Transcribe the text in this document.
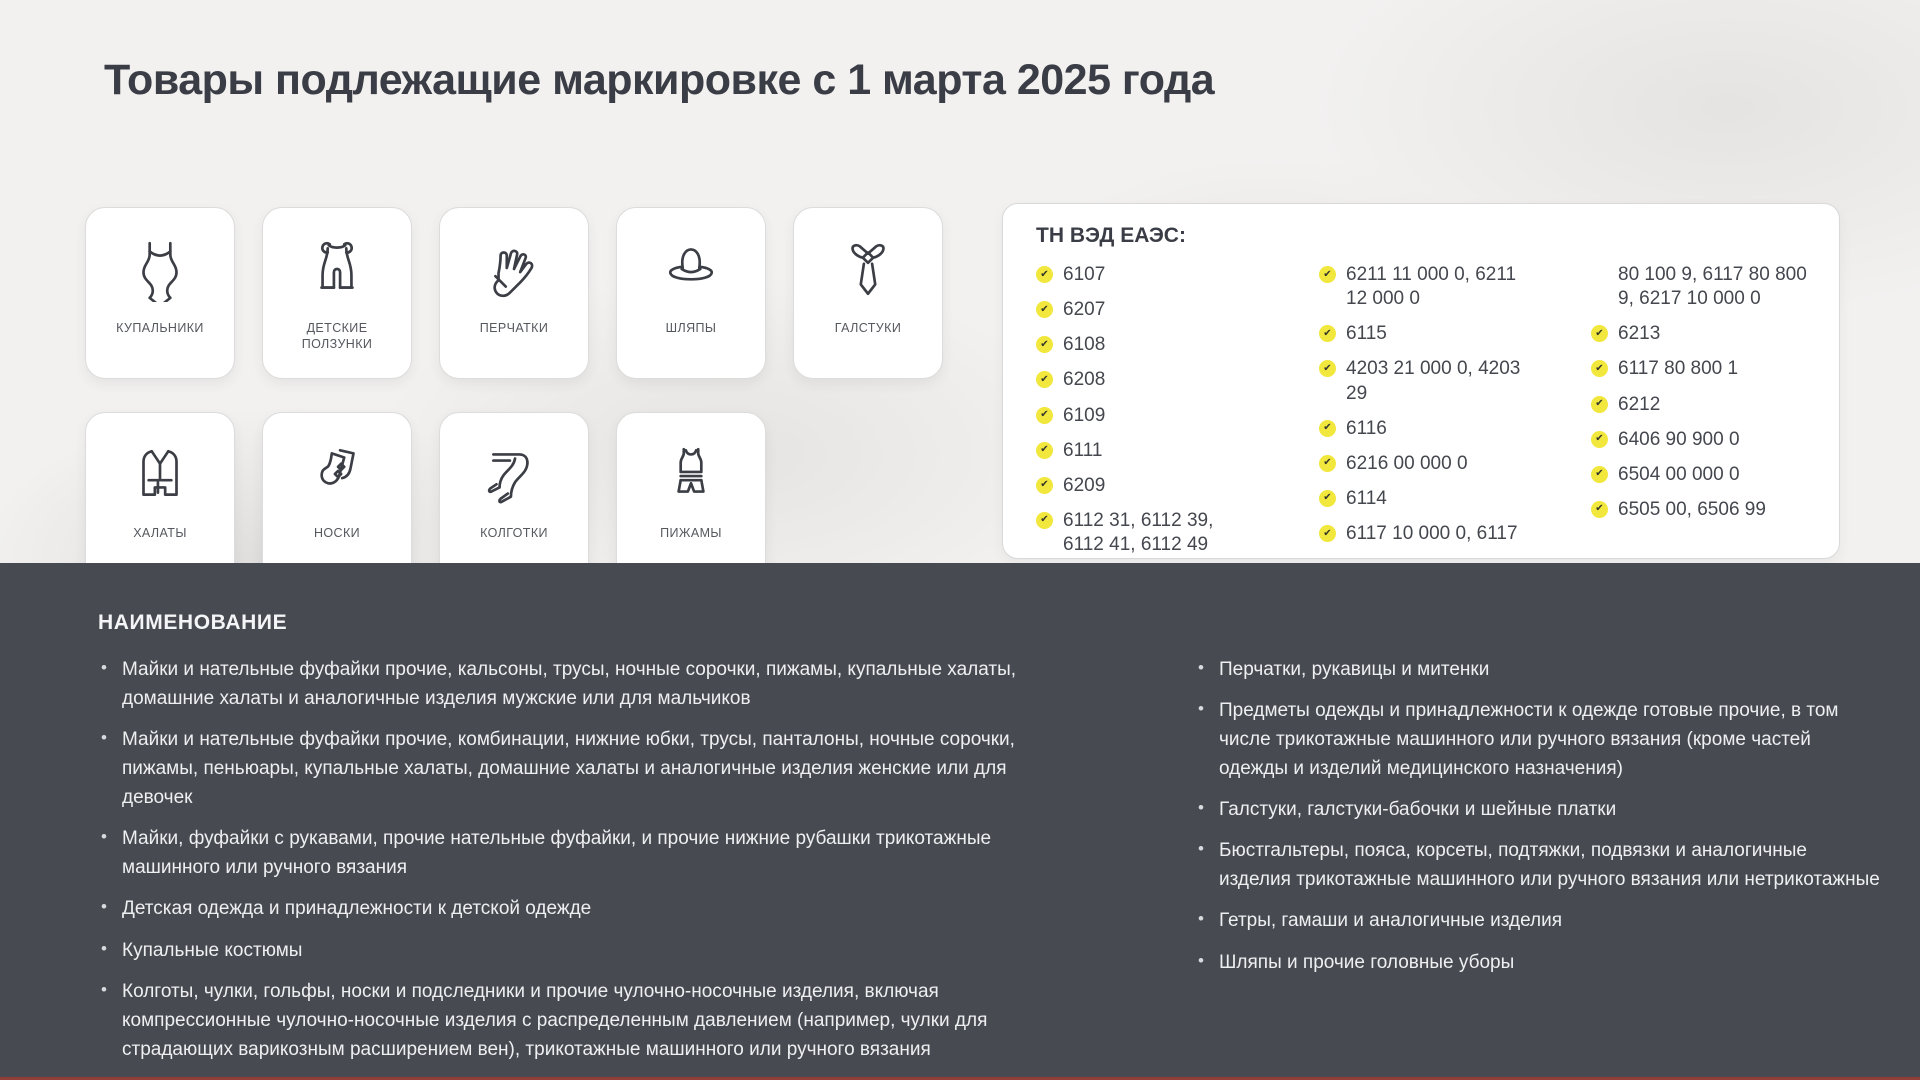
Товары подлежащие маркировке с 1 марта 2025 года
КУПАЛЬНИКИ	ДЕТСКИЕ ПОЛЗУНКИ
ПЕРЧАТКИ	ШЛЯПЫ	ГАЛСТУКИ
ХАЛАТЫ	НОСКИ	КОЛГОТКИ	ПИЖАМЫ
ТН ВЭД ЕАЭС:
✔
6107
✔
6207
✔
6108
✔
6208
✔
6109
✔
6111
✔
6209
✔
6112 31, 6112 39, 6112 41, 6112 49
✔
6211 11 000 0, 6211 12 000 0
✔
6115
✔
4203 21 000 0, 4203 29
✔
6116
✔
6216 00 000 0
✔
6114
✔
6117 10 000 0, 6117
80 100 9, 6117 80 800 9, 6217 10 000 0
✔
6213
✔
6117 80 800 1
✔
6212
✔
6406 90 900 0
✔
6504 00 000 0
✔
6505 00, 6506 99
НАИМЕНОВАНИЕ
• Майки и нательные фуфайки прочие, кальсоны, трусы, ночные сорочки, пижамы, купальные халаты, домашние халаты и аналогичные изделия мужские или для мальчиков
• Майки и нательные фуфайки прочие, комбинации, нижние юбки, трусы, панталоны, ночные сорочки, пижамы, пеньюары, купальные халаты, домашние халаты и аналогичные изделия женские или для девочек
• Майки, фуфайки с рукавами, прочие нательные фуфайки, и прочие нижние рубашки трикотажные машинного или ручного вязания
• Детская одежда и принадлежности к детской одежде
• Купальные костюмы
• Колготы, чулки, гольфы, носки и подследники и прочие чулочно-носочные изделия, включая компрессионные чулочно-носочные изделия с распределенным давлением (например, чулки для страдающих варикозным расширением вен), трикотажные машинного или ручного вязания
• Перчатки, рукавицы и митенки
• Предметы одежды и принадлежности к одежде готовые прочие, в том числе трикотажные машинного или ручного вязания (кроме частей одежды и изделий медицинского назначения)
• Галстуки, галстуки-бабочки и шейные платки
• Бюстгальтеры, пояса, корсеты, подтяжки, подвязки и аналогичные изделия трикотажные машинного или ручного вязания или нетрикотажные
• Гетры, гамаши и аналогичные изделия
• Шляпы и прочие головные уборы
